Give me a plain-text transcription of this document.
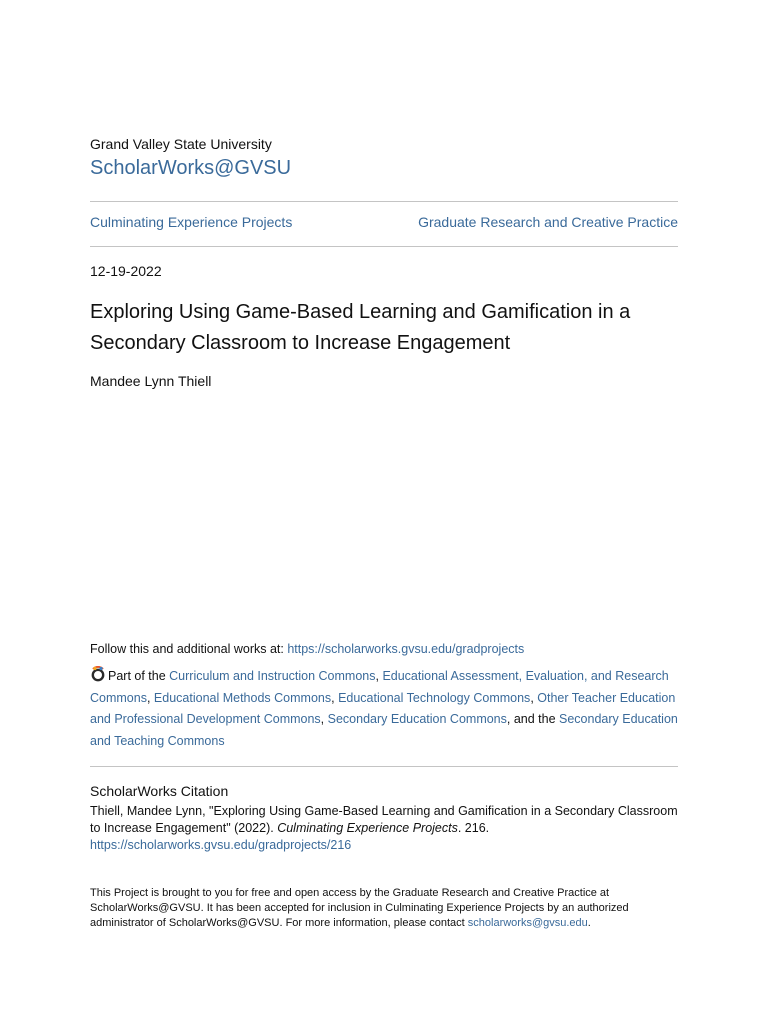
Grand Valley State University
ScholarWorks@GVSU
Culminating Experience Projects	Graduate Research and Creative Practice
12-19-2022
Exploring Using Game-Based Learning and Gamification in a Secondary Classroom to Increase Engagement
Mandee Lynn Thiell
Follow this and additional works at: https://scholarworks.gvsu.edu/gradprojects
Part of the Curriculum and Instruction Commons, Educational Assessment, Evaluation, and Research Commons, Educational Methods Commons, Educational Technology Commons, Other Teacher Education and Professional Development Commons, Secondary Education Commons, and the Secondary Education and Teaching Commons
ScholarWorks Citation
Thiell, Mandee Lynn, "Exploring Using Game-Based Learning and Gamification in a Secondary Classroom to Increase Engagement" (2022). Culminating Experience Projects. 216.
https://scholarworks.gvsu.edu/gradprojects/216
This Project is brought to you for free and open access by the Graduate Research and Creative Practice at ScholarWorks@GVSU. It has been accepted for inclusion in Culminating Experience Projects by an authorized administrator of ScholarWorks@GVSU. For more information, please contact scholarworks@gvsu.edu.
